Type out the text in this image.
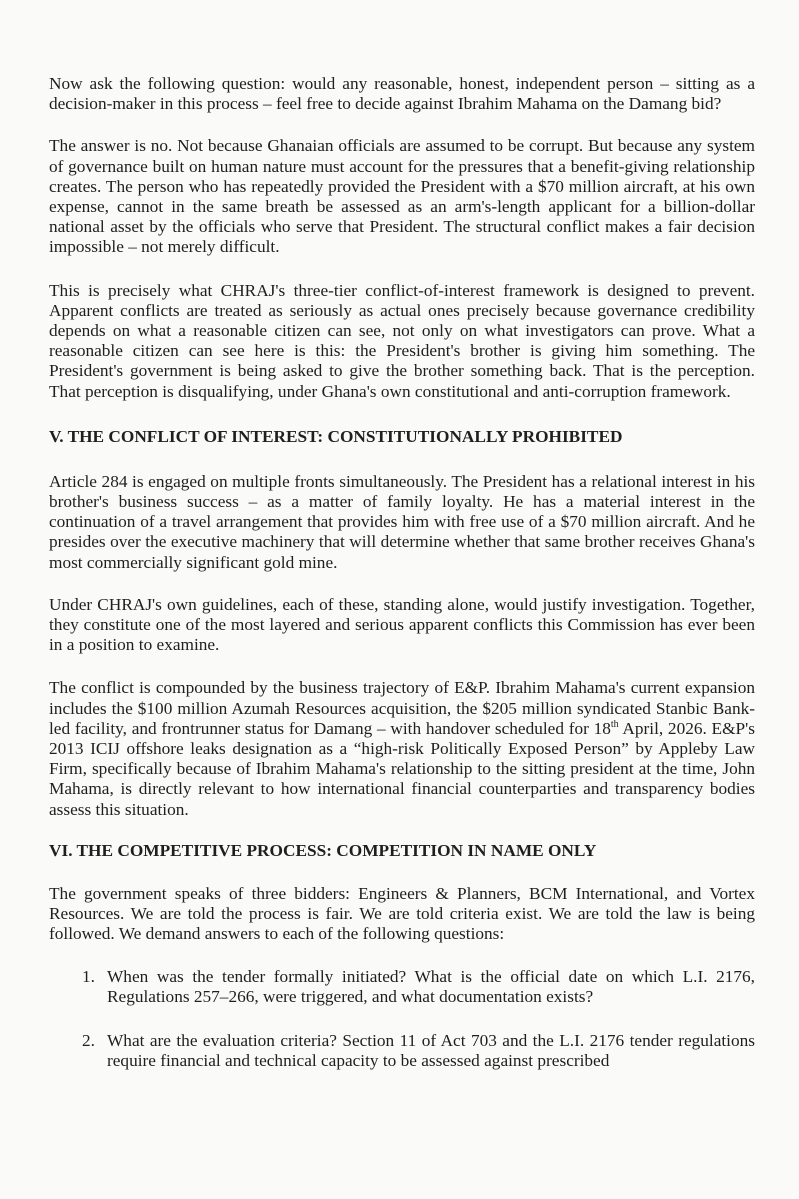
Now ask the following question: would any reasonable, honest, independent person – sitting as a decision-maker in this process – feel free to decide against Ibrahim Mahama on the Damang bid?

The answer is no. Not because Ghanaian officials are assumed to be corrupt. But because any system of governance built on human nature must account for the pressures that a benefit-giving relationship creates. The person who has repeatedly provided the President with a $70 million aircraft, at his own expense, cannot in the same breath be assessed as an arm's-length applicant for a billion-dollar national asset by the officials who serve that President. The structural conflict makes a fair decision impossible – not merely difficult.

This is precisely what CHRAJ's three-tier conflict-of-interest framework is designed to prevent. Apparent conflicts are treated as seriously as actual ones precisely because governance credibility depends on what a reasonable citizen can see, not only on what investigators can prove. What a reasonable citizen can see here is this: the President's brother is giving him something. The President's government is being asked to give the brother something back. That is the perception. That perception is disqualifying, under Ghana's own constitutional and anti-corruption framework.

V. THE CONFLICT OF INTEREST: CONSTITUTIONALLY PROHIBITED

Article 284 is engaged on multiple fronts simultaneously. The President has a relational interest in his brother's business success – as a matter of family loyalty. He has a material interest in the continuation of a travel arrangement that provides him with free use of a $70 million aircraft. And he presides over the executive machinery that will determine whether that same brother receives Ghana's most commercially significant gold mine.

Under CHRAJ's own guidelines, each of these, standing alone, would justify investigation. Together, they constitute one of the most layered and serious apparent conflicts this Commission has ever been in a position to examine.

The conflict is compounded by the business trajectory of E&P. Ibrahim Mahama's current expansion includes the $100 million Azumah Resources acquisition, the $205 million syndicated Stanbic Bank-led facility, and frontrunner status for Damang – with handover scheduled for 18th April, 2026. E&P's 2013 ICIJ offshore leaks designation as a “high-risk Politically Exposed Person” by Appleby Law Firm, specifically because of Ibrahim Mahama's relationship to the sitting president at the time, John Mahama, is directly relevant to how international financial counterparties and transparency bodies assess this situation.

VI. THE COMPETITIVE PROCESS: COMPETITION IN NAME ONLY

The government speaks of three bidders: Engineers & Planners, BCM International, and Vortex Resources. We are told the process is fair. We are told criteria exist. We are told the law is being followed. We demand answers to each of the following questions:

1. When was the tender formally initiated? What is the official date on which L.I. 2176, Regulations 257–266, were triggered, and what documentation exists?
2. What are the evaluation criteria? Section 11 of Act 703 and the L.I. 2176 tender regulations require financial and technical capacity to be assessed against prescribed
